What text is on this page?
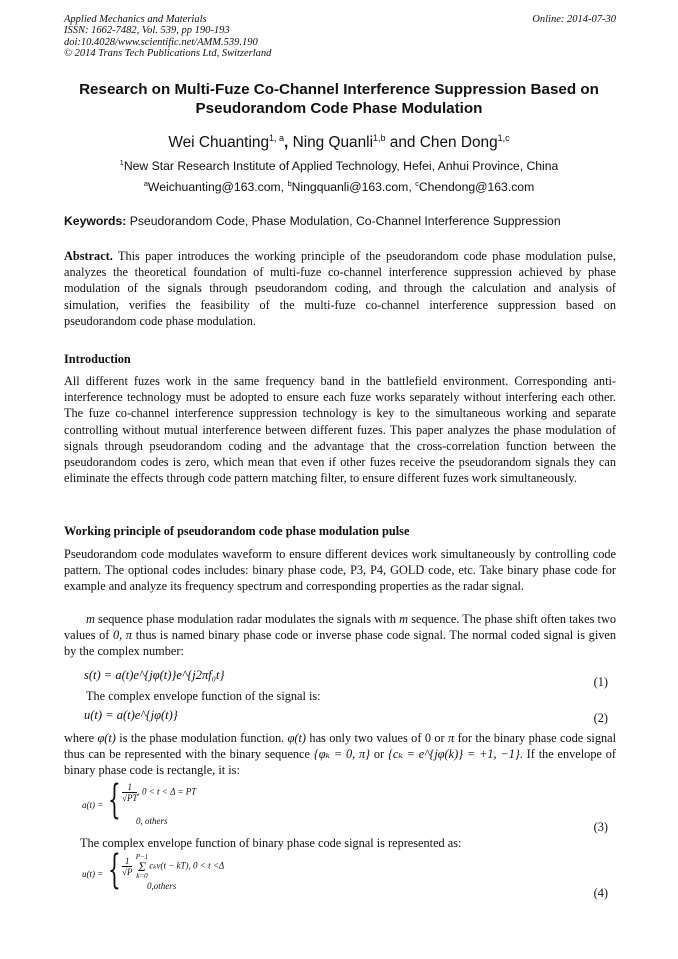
Applied Mechanics and Materials
ISSN: 1662-7482, Vol. 539, pp 190-193
doi:10.4028/www.scientific.net/AMM.539.190
© 2014 Trans Tech Publications Ltd, Switzerland
Online: 2014-07-30
Research on Multi-Fuze Co-Channel Interference Suppression Based on Pseudorandom Code Phase Modulation
Wei Chuanting$^{1, a}$, Ning Quanli$^{1,b}$ and Chen Dong$^{1,c}$
$^1$New Star Research Institute of Applied Technology, Hefei, Anhui Province, China
$^a$Weichuanting@163.com, $^b$Ningquanli@163.com, $^c$Chendong@163.com
Keywords: Pseudorandom Code, Phase Modulation, Co-Channel Interference Suppression
Abstract. This paper introduces the working principle of the pseudorandom code phase modulation pulse, analyzes the theoretical foundation of multi-fuze co-channel interference suppression achieved by phase modulation of the signals through pseudorandom coding, and through the calculation and analysis of simulation, verifies the feasibility of the multi-fuze co-channel interference suppression based on pseudorandom code phase modulation.
Introduction
All different fuzes work in the same frequency band in the battlefield environment. Corresponding anti-interference technology must be adopted to ensure each fuze works separately without interfering each other. The fuze co-channel interference suppression technology is key to the simultaneous working and separate controlling without mutual interference between different fuzes. This paper analyzes the phase modulation of signals through pseudorandom coding and the advantage that the cross-correlation function between the pseudorandom codes is zero, which mean that even if other fuzes receive the pseudorandom signals they can eliminate the effects through code pattern matching filter, to ensure different fuzes work simultaneously.
Working principle of pseudorandom code phase modulation pulse
Pseudorandom code modulates waveform to ensure different devices work simultaneously by controlling code pattern. The optional codes includes: binary phase code, P3, P4, GOLD code, etc. Take binary phase code for example and analyze its frequency spectrum and corresponding properties as the radar signal.
m sequence phase modulation radar modulates the signals with m sequence. The phase shift often takes two values of 0, π thus is named binary phase code or inverse phase code signal. The normal coded signal is given by the complex number:
s(t) = a(t)e^{jφ(t)}e^{j2πf₀t}	(1)
The complex envelope function of the signal is:
u(t) = a(t)e^{jφ(t)}	(2)
where φ(t) is the phase modulation function. φ(t) has only two values of 0 or π for the binary phase code signal thus can be represented with the binary sequence {φₖ = 0, π} or {cₖ = e^{jφ(k)} = +1, −1}. If the envelope of binary phase code is rectangle, it is:
a(t) = { $\frac{1}{√PT}$ , 0 < t < Δ = PT
0, others	(3)
The complex envelope function of binary phase code signal is represented as:
u(t) = { $\frac{1}{√P}$
P−1
Σ
k=0
cₖv(t − kT), 0 < t <Δ
0,others	(4)
